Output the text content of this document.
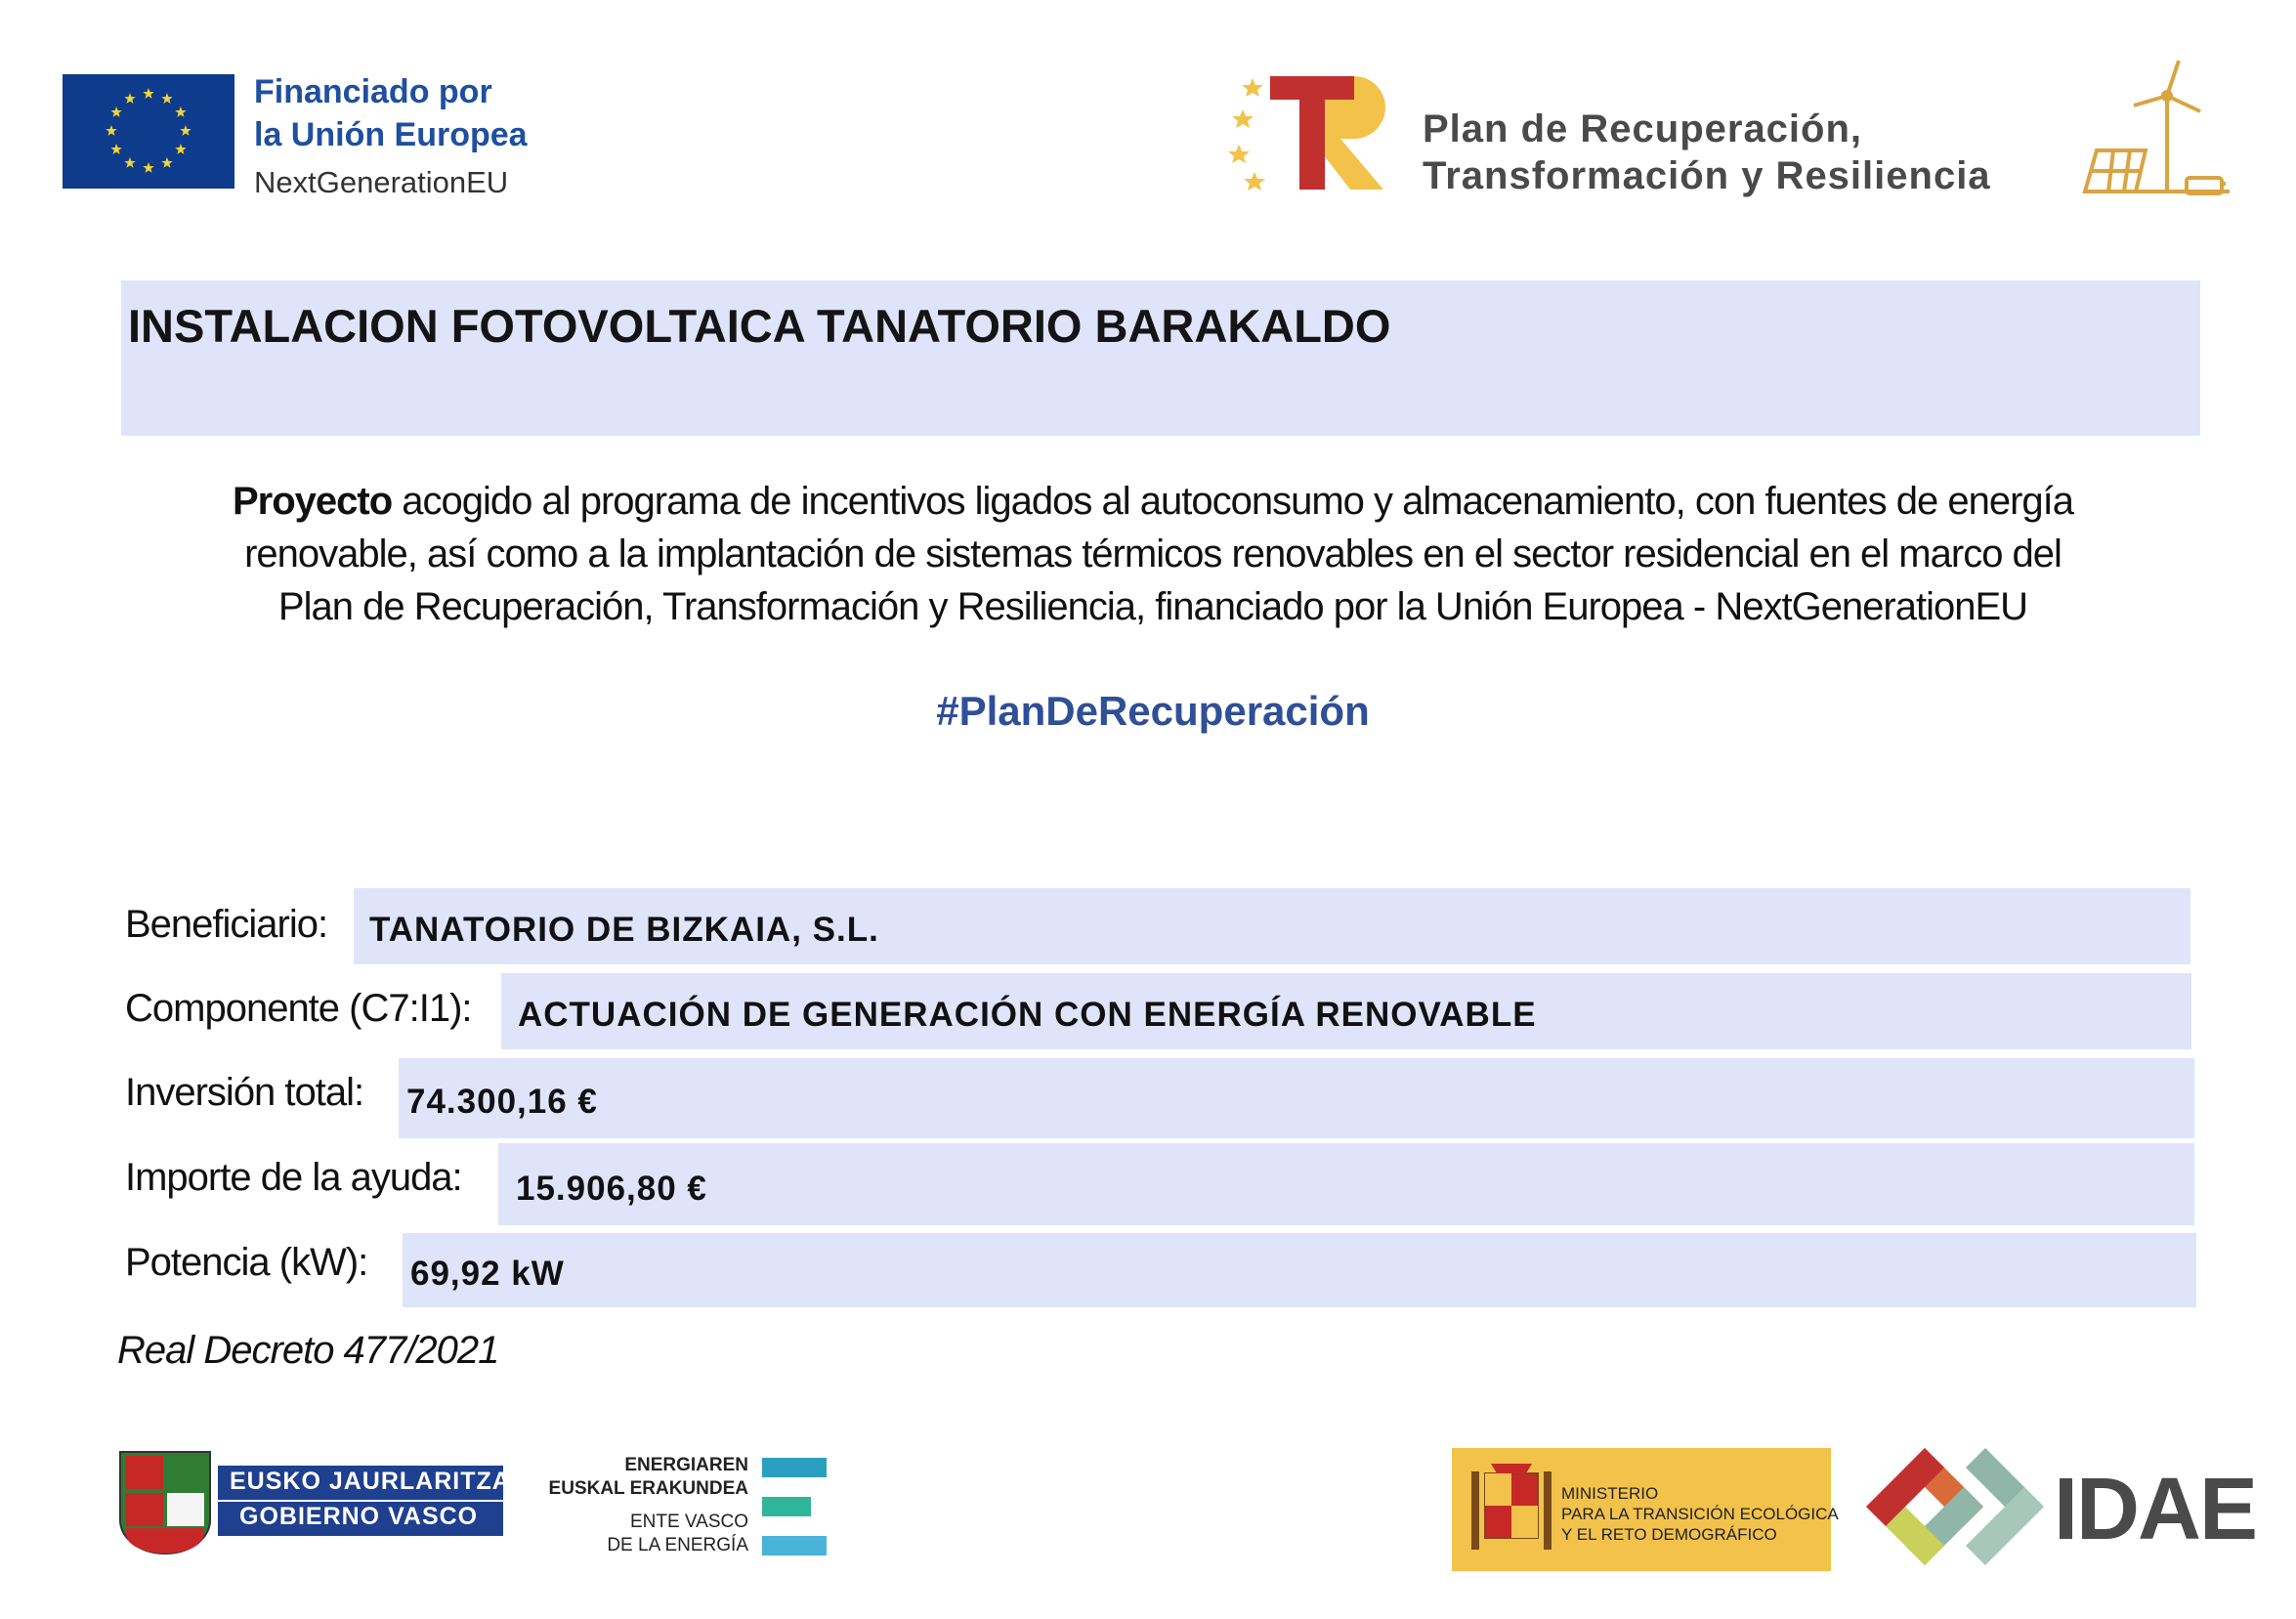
Financiado por
la Unión Europea
NextGenerationEU
Plan de Recuperación,
Transformación y Resiliencia
INSTALACION FOTOVOLTAICA TANATORIO BARAKALDO
Proyecto acogido al programa de incentivos ligados al autoconsumo y almacenamiento, con fuentes de energía
renovable, así como a la implantación de sistemas térmicos renovables en el sector residencial en el marco del
Plan de Recuperación, Transformación y Resiliencia, financiado por la Unión Europea - NextGenerationEU
#PlanDeRecuperación
Beneficiario: TANATORIO DE BIZKAIA, S.L.
Componente (C7:I1): ACTUACIÓN DE GENERACIÓN CON ENERGÍA RENOVABLE
Inversión total: 74.300,16 €
Importe de la ayuda: 15.906,80 €
Potencia (kW): 69,92 kW
Real Decreto 477/2021
EUSKO JAURLARITZA
GOBIERNO VASCO
ENERGIAREN
EUSKAL ERAKUNDEA
ENTE VASCO
DE LA ENERGÍA
MINISTERIO
PARA LA TRANSICIÓN ECOLÓGICA
Y EL RETO DEMOGRÁFICO	IDAE
